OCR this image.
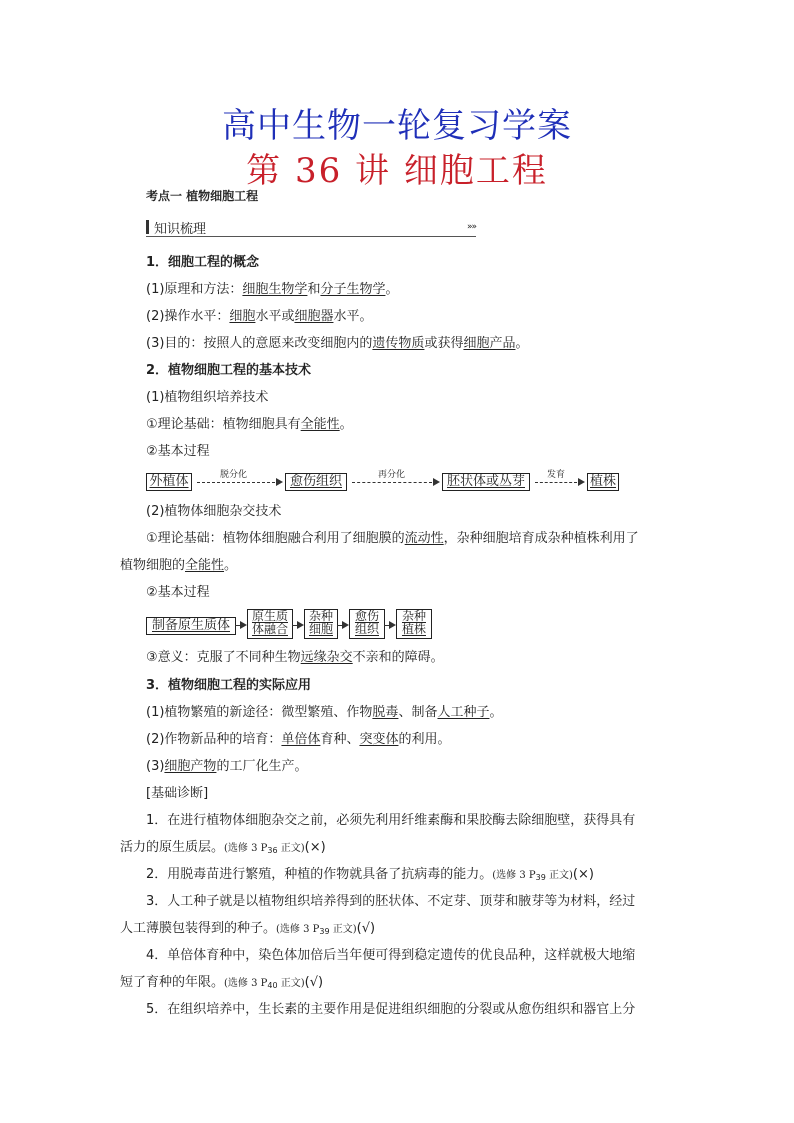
高中生物一轮复习学案
第 36 讲 细胞工程
考点一 植物细胞工程
知识梳理	»»
1．细胞工程的概念
(1)原理和方法：细胞生物学和分子生物学。
(2)操作水平：细胞水平或细胞器水平。
(3)目的：按照人的意愿来改变细胞内的遗传物质或获得细胞产品。
2．植物细胞工程的基本技术
(1)植物组织培养技术
①理论基础：植物细胞具有全能性。
②基本过程
外植体	脱分化	愈伤组织	再分化	胚状体或丛芽	发育 植株
(2)植物体细胞杂交技术
①理论基础：植物体细胞融合利用了细胞膜的流动性，杂种细胞培育成杂种植株利用了
植物细胞的全能性。
②基本过程
制备原生质体
原生质
体融合
杂种
细胞
愈伤
组织
杂种
植株
③意义：克服了不同种生物远缘杂交不亲和的障碍。
3．植物细胞工程的实际应用
(1)植物繁殖的新途径：微型繁殖、作物脱毒、制备人工种子。
(2)作物新品种的培育：单倍体育种、突变体的利用。
(3)细胞产物的工厂化生产。
[基础诊断]
1．在进行植物体细胞杂交之前，必须先利用纤维素酶和果胶酶去除细胞壁，获得具有
活力的原生质层。(选修 3 $P_{36}$ 正文)(×)
2．用脱毒苗进行繁殖，种植的作物就具备了抗病毒的能力。(选修 3 $P_{39}$ 正文)(×)
3．人工种子就是以植物组织培养得到的胚状体、不定芽、顶芽和腋芽等为材料，经过
人工薄膜包装得到的种子。(选修 3 $P_{39}$ 正文)(√)
4．单倍体育种中，染色体加倍后当年便可得到稳定遗传的优良品种，这样就极大地缩
短了育种的年限。(选修 3 $P_{40}$ 正文)(√)
5．在组织培养中，生长素的主要作用是促进组织细胞的分裂或从愈伤组织和器官上分
